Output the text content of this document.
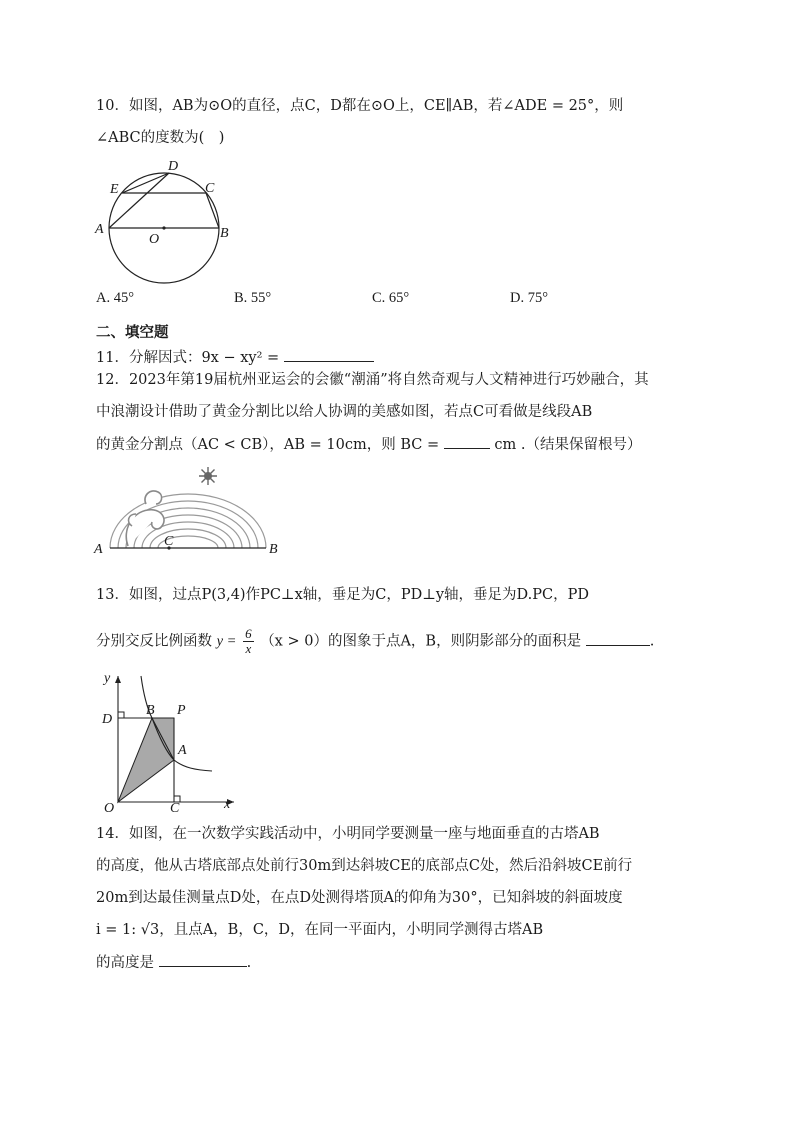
10．如图，AB为⊙O的直径，点C，D都在⊙O上，CE∥AB，若∠ADE = 25°，则
∠ABC的度数为(　)
D
E	C
A	B
O
A. 45°	B. 55°	C. 65°	D. 75°
二、填空题
11．分解因式：9x − xy² =
12．2023年第19届杭州亚运会的会徽“潮涌”将自然奇观与人文精神进行巧妙融合，其
中浪潮设计借助了黄金分割比以给人协调的美感如图，若点C可看做是线段AB
的黄金分割点（AC < CB），AB = 10cm，则 BC =	cm .（结果保留根号）
A
C
B
13．如图，过点P(3,4)作PC⊥x轴，垂足为C，PD⊥y轴，垂足为D.PC，PD
分别交反比例函数 $y = \frac{6}{x} (x > 0)$的图象于点A，B，则阴影部分的面积是	.
y
D
B P
A
O	C	x
14．如图，在一次数学实践活动中，小明同学要测量一座与地面垂直的古塔AB
的高度，他从古塔底部点处前行30m到达斜坡CE的底部点C处，然后沿斜坡CE前行
20m到达最佳测量点D处，在点D处测得塔顶A的仰角为30°，已知斜坡的斜面坡度
i = 1: √3，且点A，B，C，D，在同一平面内，小明同学测得古塔AB
的高度是	.
